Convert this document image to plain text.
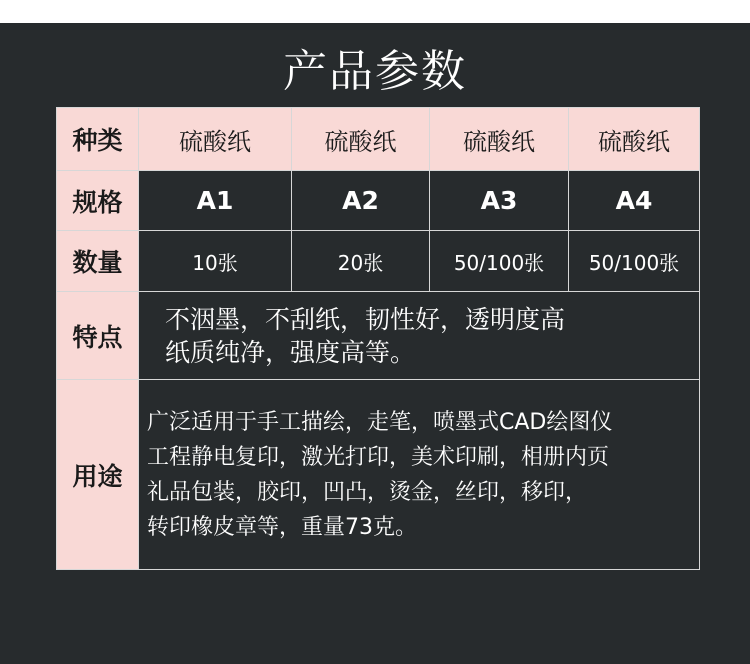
产品参数
种类	硫酸纸	硫酸纸	硫酸纸	硫酸纸
规格	A1	A2	A3	A4
数量	10张	20张	50/100张	50/100张
特点	不洇墨，不刮纸，韧性好，透明度高
纸质纯净，强度高等。			

用途	广泛适用于手工描绘，走笔，喷墨式CAD绘图仪
工程静电复印，激光打印，美术印刷，相册内页
礼品包装，胶印，凹凸，烫金，丝印，移印，
转印橡皮章等，重量73克。			
